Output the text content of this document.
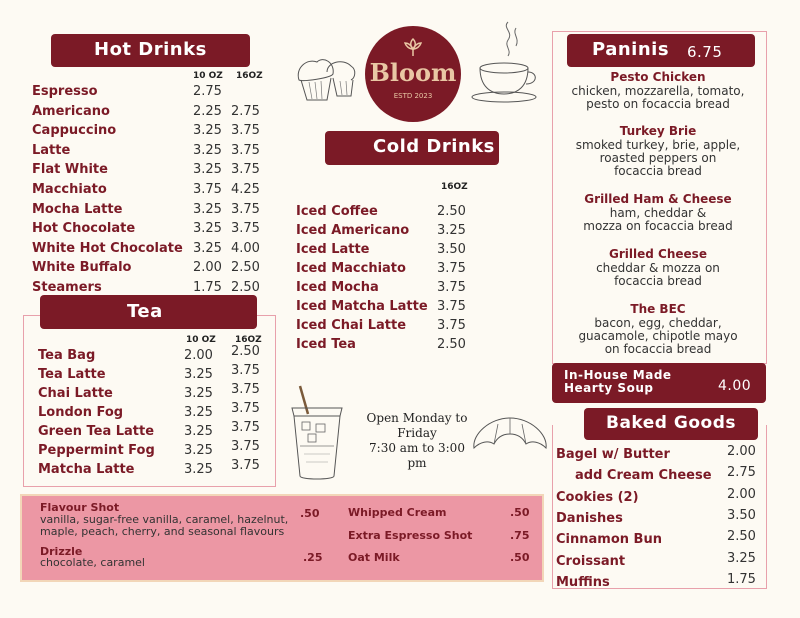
Hot Drinks
10 OZ 16OZ
Espresso	2.75
Americano	2.25 2.75
Cappuccino	3.25 3.75
Latte	3.25 3.75
Flat White	3.25 3.75
Macchiato	3.75 4.25
Mocha Latte	3.25 3.75
Hot Chocolate	3.25 3.75
White Hot Chocolate 3.25 4.00
White Buffalo	2.00 2.50
Steamers	1.75 2.50
Tea
10 OZ 16OZ
Tea Bag	2.00 2.50
Tea Latte	3.25 3.75
Chai Latte	3.25 3.75
London Fog	3.25 3.75
Green Tea Latte 3.25 3.75
Peppermint Fog 3.25 3.75
Matcha Latte	3.25 3.75
Bloom
ESTD 2023
Cold Drinks
16OZ
Iced Coffee	2.50
Iced Americano 3.25
Iced Latte	3.50
Iced Macchiato 3.75
Iced Mocha	3.75
Iced Matcha Latte 3.75
Iced Chai Latte 3.75
Iced Tea	2.50
Open Monday to
Friday
7:30 am to 3:00 pm
Paninis 6.75
Pesto Chicken
chicken, mozzarella, tomato,
pesto on focaccia bread
Turkey Brie
smoked turkey, brie, apple,
roasted peppers on
focaccia bread
Grilled Ham & Cheese
ham, cheddar &
mozza on focaccia bread
Grilled Cheese
cheddar & mozza on
focaccia bread
The BEC
bacon, egg, cheddar,
guacamole, chipotle mayo
on focaccia bread
In-House Made
Hearty Soup	4.00
Baked Goods
Bagel w/ Butter	2.00
add Cream Cheese 2.75
Cookies (2)	2.00
Danishes	3.50
Cinnamon Bun	2.50
Croissant	3.25
Muffins	1.75
Flavour Shot
vanilla, sugar-free vanilla, caramel, hazelnut,
maple, peach, cherry, and seasonal flavours
.50
Drizzle
chocolate, caramel	.25
Whipped Cream	.50
Extra Espresso Shot	.75
Oat Milk	.50
